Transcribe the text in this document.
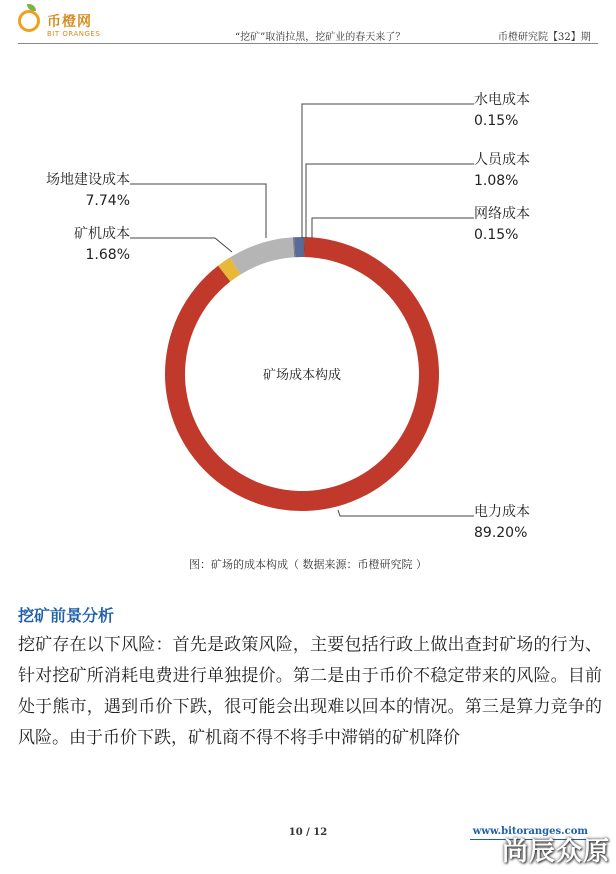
币橙网
BIT ORANGES	“挖矿”取消拉黑，挖矿业的春天来了？	币橙研究院【32】期
矿场成本构成
电力成本
89.20%
矿机成本
1.68%
场地建设成本
7.74%
水电成本
0.15%
人员成本
1.08%
网络成本
0.15%
图：矿场的成本构成（ 数据来源：币橙研究院 ）
挖矿前景分析
挖矿存在以下风险：首先是政策风险，主要包括行政上做出查封矿场的行为、针对挖矿所消耗电费进行单独提价。第二是由于币价不稳定带来的风险。目前处于熊市，遇到币价下跌，很可能会出现难以回本的情况。第三是算力竞争的风险。由于币价下跌，矿机商不得不将手中滞销的矿机降价
10 / 12	www.bitoranges.com
尚辰众原
